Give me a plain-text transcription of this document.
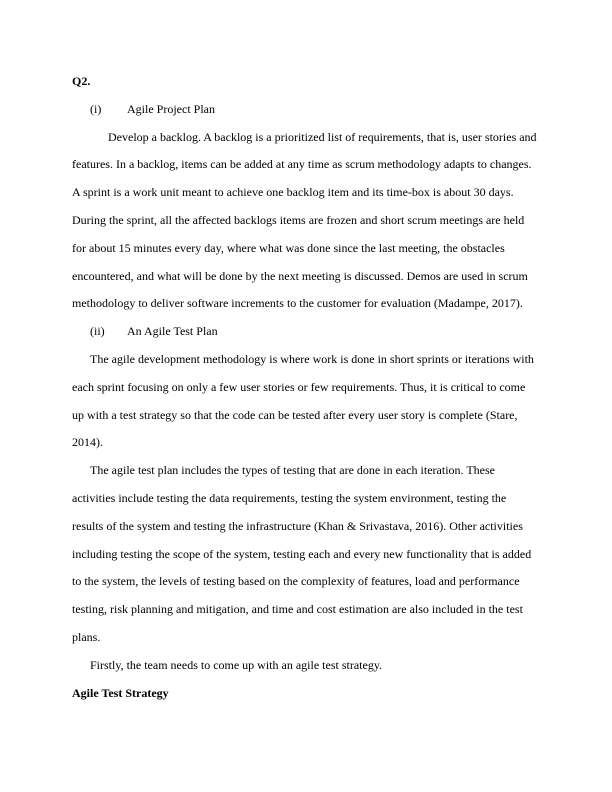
Q2.

(i) Agile Project Plan

Develop a backlog. A backlog is a prioritized list of requirements, that is, user stories and features. In a backlog, items can be added at any time as scrum methodology adapts to changes. A sprint is a work unit meant to achieve one backlog item and its time-box is about 30 days. During the sprint, all the affected backlogs items are frozen and short scrum meetings are held for about 15 minutes every day, where what was done since the last meeting, the obstacles encountered, and what will be done by the next meeting is discussed. Demos are used in scrum methodology to deliver software increments to the customer for evaluation (Madampe, 2017).

(ii) An Agile Test Plan

The agile development methodology is where work is done in short sprints or iterations with each sprint focusing on only a few user stories or few requirements. Thus, it is critical to come up with a test strategy so that the code can be tested after every user story is complete (Stare, 2014).

The agile test plan includes the types of testing that are done in each iteration. These activities include testing the data requirements, testing the system environment, testing the results of the system and testing the infrastructure (Khan & Srivastava, 2016). Other activities including testing the scope of the system, testing each and every new functionality that is added to the system, the levels of testing based on the complexity of features, load and performance testing, risk planning and mitigation, and time and cost estimation are also included in the test plans.

Firstly, the team needs to come up with an agile test strategy.

Agile Test Strategy
